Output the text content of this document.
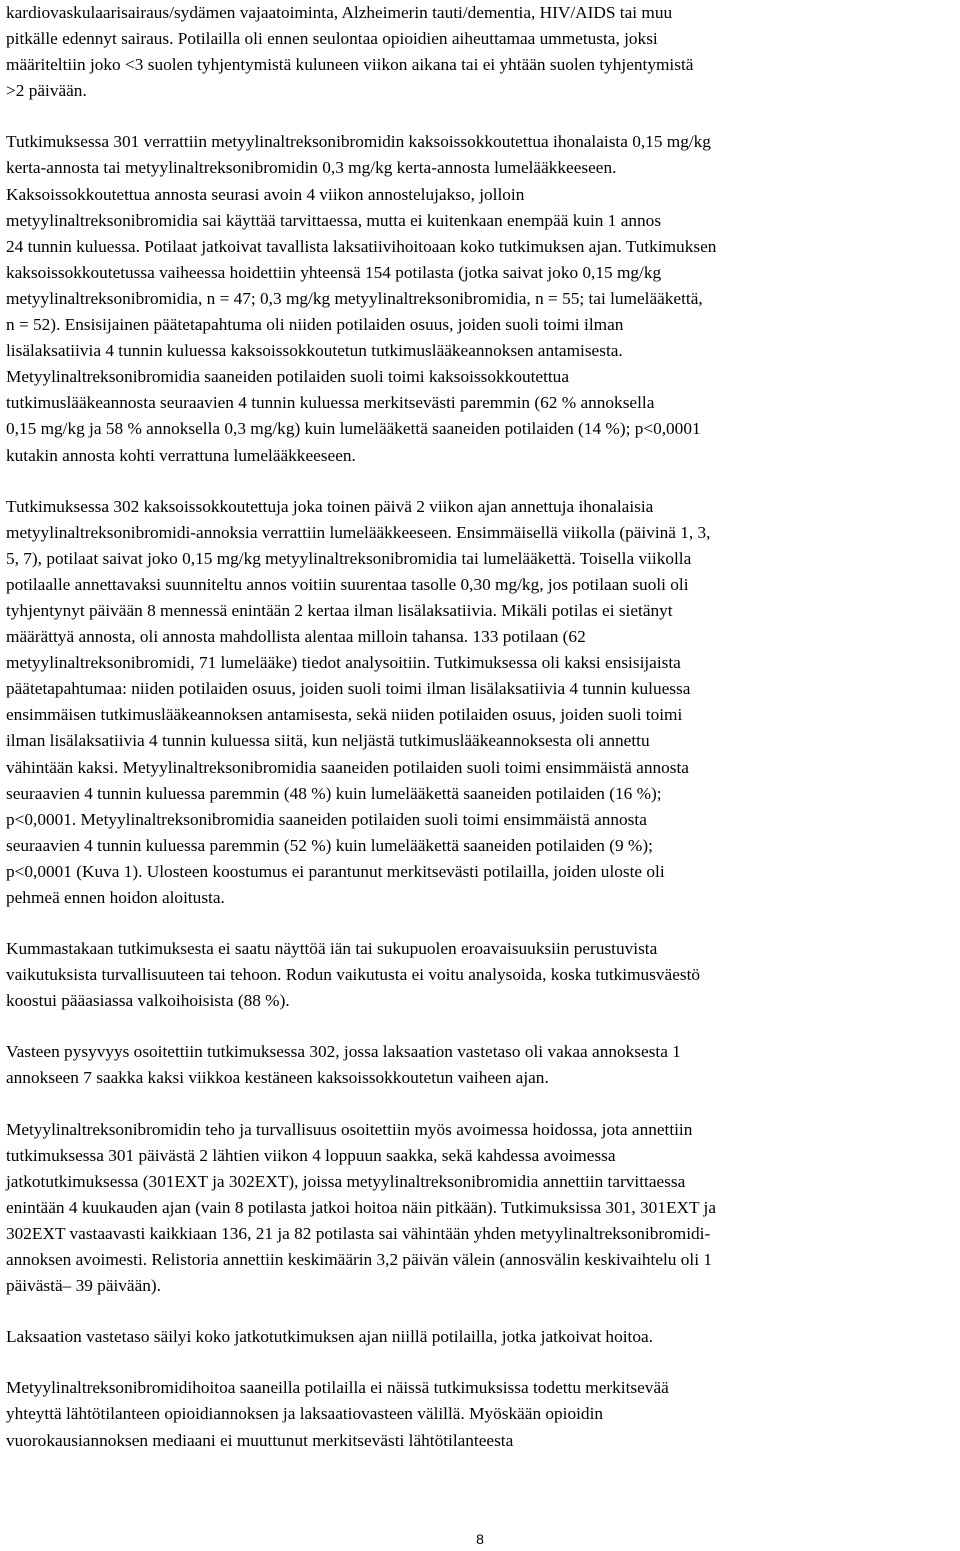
kardiovaskulaarisairaus/sydämen vajaatoiminta, Alzheimerin tauti/dementia, HIV/AIDS tai muu
pitkälle edennyt sairaus. Potilailla oli ennen seulontaa opioidien aiheuttamaa ummetusta, joksi
määriteltiin joko <3 suolen tyhjentymistä kuluneen viikon aikana tai ei yhtään suolen tyhjentymistä
>2 päivään.

Tutkimuksessa 301 verrattiin metyylinaltreksonibromidin kaksoissokkoutettua ihonalaista 0,15 mg/kg
kerta-annosta tai metyylinaltreksonibromidin 0,3 mg/kg kerta-annosta lumelääkkeeseen.
Kaksoissokkoutettua annosta seurasi avoin 4 viikon annostelujakso, jolloin
metyylinaltreksonibromidia sai käyttää tarvittaessa, mutta ei kuitenkaan enempää kuin 1 annos
24 tunnin kuluessa. Potilaat jatkoivat tavallista laksatiivihoitoaan koko tutkimuksen ajan. Tutkimuksen
kaksoissokkoutetussa vaiheessa hoidettiin yhteensä 154 potilasta (jotka saivat joko 0,15 mg/kg
metyylinaltreksonibromidia, n = 47; 0,3 mg/kg metyylinaltreksonibromidia, n = 55; tai lumelääkettä,
n = 52). Ensisijainen päätetapahtuma oli niiden potilaiden osuus, joiden suoli toimi ilman
lisälaksatiivia 4 tunnin kuluessa kaksoissokkoutetun tutkimuslääkeannoksen antamisesta.
Metyylinaltreksonibromidia saaneiden potilaiden suoli toimi kaksoissokkoutettua
tutkimuslääkeannosta seuraavien 4 tunnin kuluessa merkitsevästi paremmin (62 % annoksella
0,15 mg/kg ja 58 % annoksella 0,3 mg/kg) kuin lumelääkettä saaneiden potilaiden (14 %); p<0,0001
kutakin annosta kohti verrattuna lumelääkkeeseen.

Tutkimuksessa 302 kaksoissokkoutettuja joka toinen päivä 2 viikon ajan annettuja ihonalaisia
metyylinaltreksonibromidi-annoksia verrattiin lumelääkkeeseen. Ensimmäisellä viikolla (päivinä 1, 3,
5, 7), potilaat saivat joko 0,15 mg/kg metyylinaltreksonibromidia tai lumelääkettä. Toisella viikolla
potilaalle annettavaksi suunniteltu annos voitiin suurentaa tasolle 0,30 mg/kg, jos potilaan suoli oli
tyhjentynyt päivään 8 mennessä enintään 2 kertaa ilman lisälaksatiivia. Mikäli potilas ei sietänyt
määrättyä annosta, oli annosta mahdollista alentaa milloin tahansa. 133 potilaan (62
metyylinaltreksonibromidi, 71 lumelääke) tiedot analysoitiin. Tutkimuksessa oli kaksi ensisijaista
päätetapahtumaa: niiden potilaiden osuus, joiden suoli toimi ilman lisälaksatiivia 4 tunnin kuluessa
ensimmäisen tutkimuslääkeannoksen antamisesta, sekä niiden potilaiden osuus, joiden suoli toimi
ilman lisälaksatiivia 4 tunnin kuluessa siitä, kun neljästä tutkimuslääkeannoksesta oli annettu
vähintään kaksi. Metyylinaltreksonibromidia saaneiden potilaiden suoli toimi ensimmäistä annosta
seuraavien 4 tunnin kuluessa paremmin (48 %) kuin lumelääkettä saaneiden potilaiden (16 %);
p<0,0001. Metyylinaltreksonibromidia saaneiden potilaiden suoli toimi ensimmäistä annosta
seuraavien 4 tunnin kuluessa paremmin (52 %) kuin lumelääkettä saaneiden potilaiden (9 %);
p<0,0001 (Kuva 1). Ulosteen koostumus ei parantunut merkitsevästi potilailla, joiden uloste oli
pehmeä ennen hoidon aloitusta.

Kummastakaan tutkimuksesta ei saatu näyttöä iän tai sukupuolen eroavaisuuksiin perustuvista
vaikutuksista turvallisuuteen tai tehoon. Rodun vaikutusta ei voitu analysoida, koska tutkimusväestö
koostui pääasiassa valkoihoisista (88 %).

Vasteen pysyvyys osoitettiin tutkimuksessa 302, jossa laksaation vastetaso oli vakaa annoksesta 1
annokseen 7 saakka kaksi viikkoa kestäneen kaksoissokkoutetun vaiheen ajan.

Metyylinaltreksonibromidin teho ja turvallisuus osoitettiin myös avoimessa hoidossa, jota annettiin
tutkimuksessa 301 päivästä 2 lähtien viikon 4 loppuun saakka, sekä kahdessa avoimessa
jatkotutkimuksessa (301EXT ja 302EXT), joissa metyylinaltreksonibromidia annettiin tarvittaessa
enintään 4 kuukauden ajan (vain 8 potilasta jatkoi hoitoa näin pitkään). Tutkimuksissa 301, 301EXT ja
302EXT vastaavasti kaikkiaan 136, 21 ja 82 potilasta sai vähintään yhden metyylinaltreksonibromidi-
annoksen avoimesti. Relistoria annettiin keskimäärin 3,2 päivän välein (annosvälin keskivaihtelu oli 1
päivästä– 39 päivään).

Laksaation vastetaso säilyi koko jatkotutkimuksen ajan niillä potilailla, jotka jatkoivat hoitoa.

Metyylinaltreksonibromidihoitoa saaneilla potilailla ei näissä tutkimuksissa todettu merkitsevää
yhteyttä lähtötilanteen opioidiannoksen ja laksaatiovasteen välillä. Myöskään opioidin
vuorokausiannoksen mediaani ei muuttunut merkitsevästi lähtötilanteesta

8
